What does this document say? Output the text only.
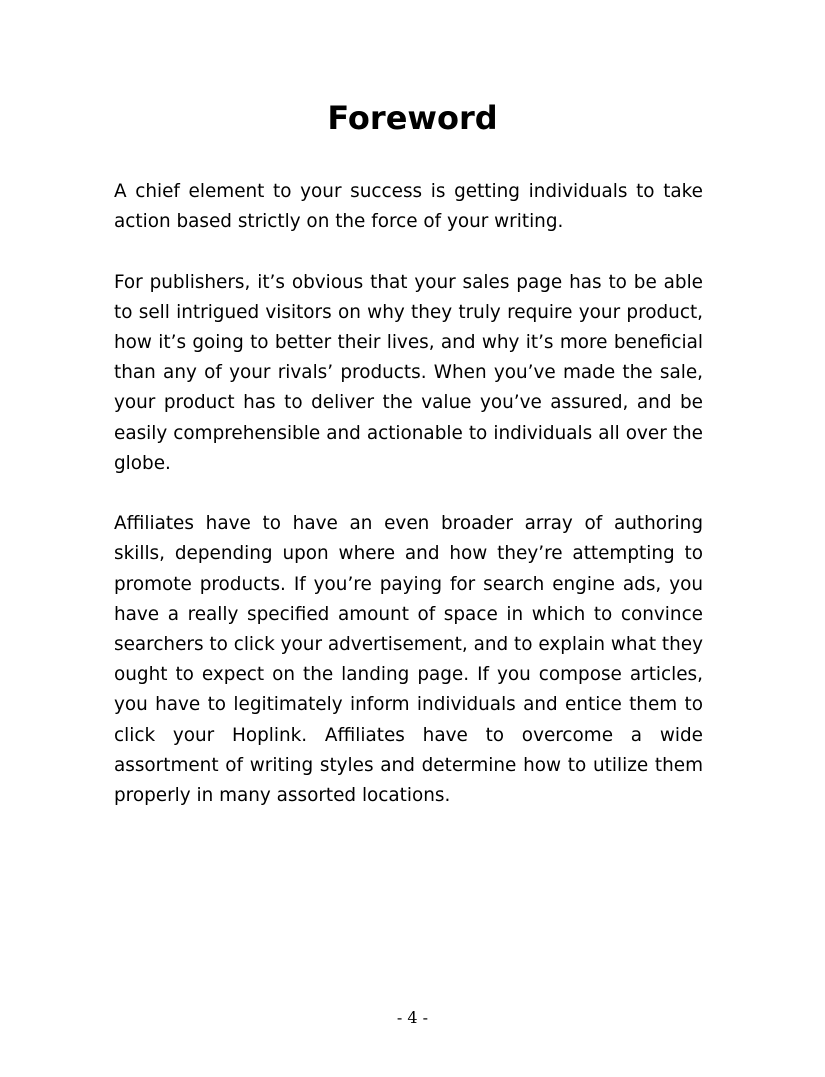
Foreword

A chief element to your success is getting individuals to take action based strictly on the force of your writing.

For publishers, it’s obvious that your sales page has to be able to sell intrigued visitors on why they truly require your product, how it’s going to better their lives, and why it’s more beneficial than any of your rivals’ products. When you’ve made the sale, your product has to deliver the value you’ve assured, and be easily comprehensible and actionable to individuals all over the globe.

Affiliates have to have an even broader array of authoring skills, depending upon where and how they’re attempting to promote products. If you’re paying for search engine ads, you have a really specified amount of space in which to convince searchers to click your advertisement, and to explain what they ought to expect on the landing page. If you compose articles, you have to legitimately inform individuals and entice them to click your Hoplink. Affiliates have to overcome a wide assortment of writing styles and determine how to utilize them properly in many assorted locations.

- 4 -
